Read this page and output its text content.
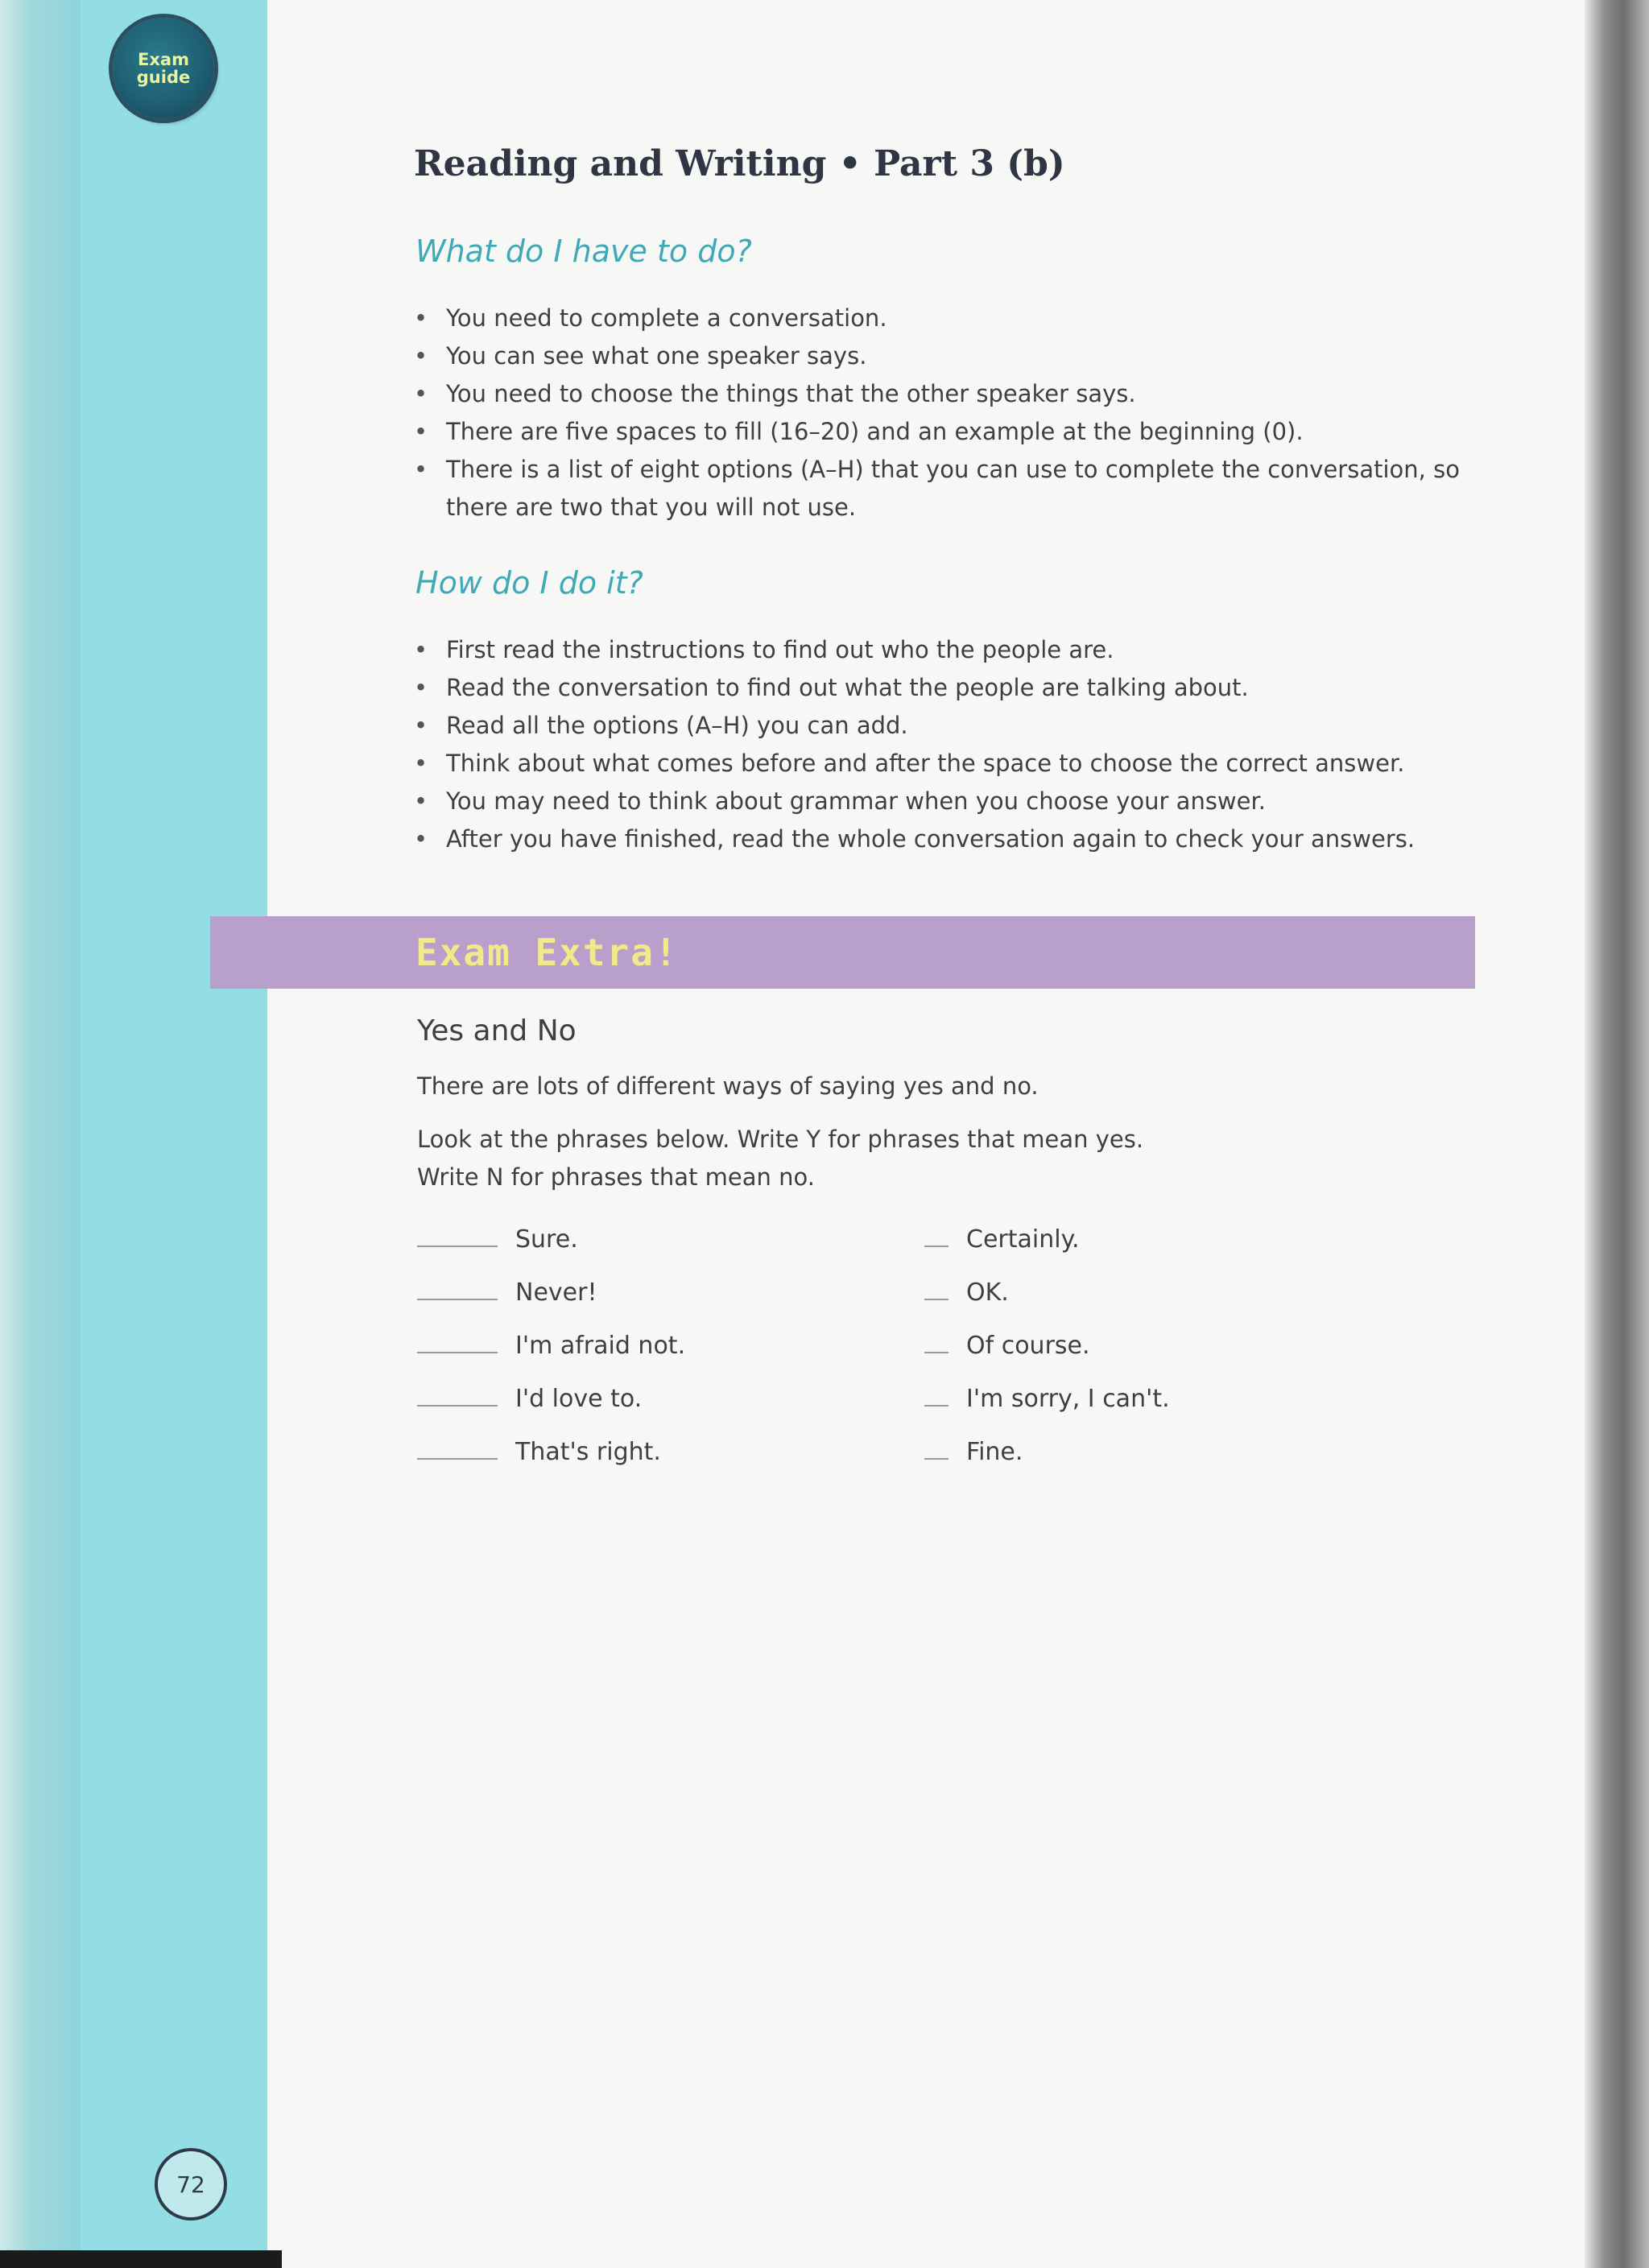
Exam
guide
Reading and Writing • Part 3 (b)
What do I have to do?
• You need to complete a conversation.
• You can see what one speaker says.
• You need to choose the things that the other speaker says.
• There are five spaces to fill (16–20) and an example at the beginning (0).
• There is a list of eight options (A–H) that you can use to complete the conversation, so there are two that you will not use.
How do I do it?
• First read the instructions to find out who the people are.
• Read the conversation to find out what the people are talking about.
• Read all the options (A–H) you can add.
• Think about what comes before and after the space to choose the correct answer.
• You may need to think about grammar when you choose your answer.
• After you have finished, read the whole conversation again to check your answers.
Exam Extra!
Yes and No

There are lots of different ways of saying yes and no.

Look at the phrases below. Write Y for phrases that mean yes.

Write N for phrases that mean no.

Sure.
Never!
I'm afraid not.
I'd love to.
That's right.
Certainly.
OK.
Of course.
I'm sorry, I can't.
Fine.
72
